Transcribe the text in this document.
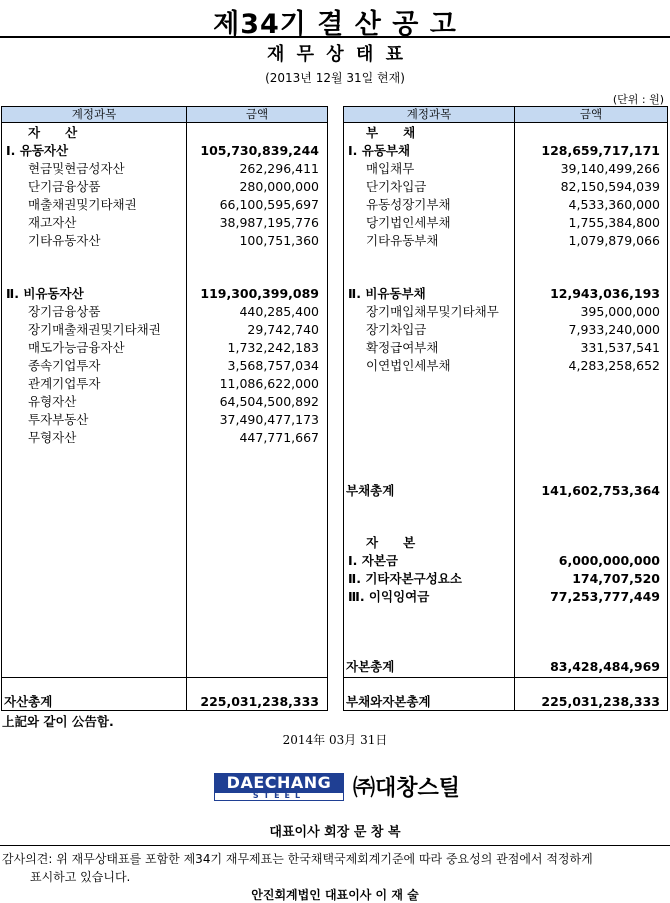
제34기 결 산 공 고
재 무 상 태 표
(2013년 12월 31일 현재)
(단위 : 원)
계정과목	금액
자　　산
Ⅰ. 유동자산	105,730,839,244
현금및현금성자산	262,296,411
단기금융상품	280,000,000
매출채권및기타채권	66,100,595,697
재고자산	38,987,195,776
기타유동자산	100,751,360
Ⅱ. 비유동자산	119,300,399,089
장기금융상품	440,285,400
장기매출채권및기타채권	29,742,740
매도가능금융자산	1,732,242,183
종속기업투자	3,568,757,034
관계기업투자	11,086,622,000
유형자산	64,504,500,892
투자부동산	37,490,477,173
무형자산	447,771,667
자산총계	225,031,238,333
계정과목	금액
부　　채
Ⅰ. 유동부채	128,659,717,171
매입채무	39,140,499,266
단기차입금	82,150,594,039
유동성장기부채	4,533,360,000
당기법인세부채	1,755,384,800
기타유동부채	1,079,879,066
Ⅱ. 비유동부채	12,943,036,193
장기매입채무및기타채무	395,000,000
장기차입금	7,933,240,000
확정급여부채	331,537,541
이연법인세부채	4,283,258,652
부채총계	141,602,753,364
자　　본
Ⅰ. 자본금	6,000,000,000
Ⅱ. 기타자본구성요소	174,707,520
Ⅲ. 이익잉여금	77,253,777,449
자본총계	83,428,484,969
부채와자본총계	225,031,238,333
上記와 같이 公告함.
2014年 03月 31日
DAECHANG
STEEL	㈜대창스틸
대표이사 회장 문 창 복
감사의견: 위 재무상태표를 포함한 제34기 재무제표는 한국채택국제회계기준에 따라 중요성의 관점에서 적정하게
표시하고 있습니다.
안진회계법인 대표이사 이 재 술
